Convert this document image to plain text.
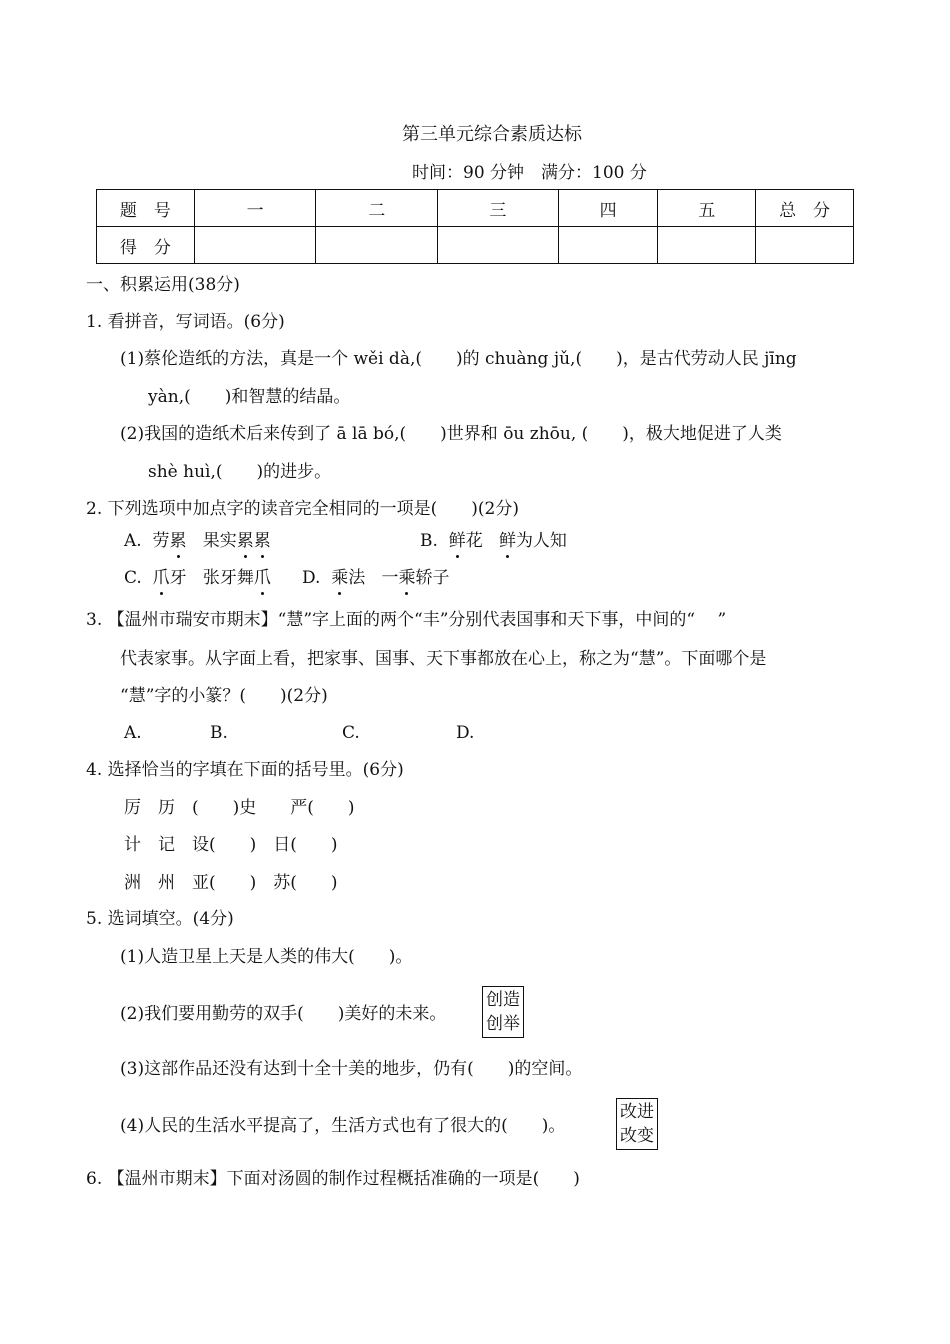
第三单元综合素质达标
时间：90 分钟　满分：100 分
题　号	一	二	三	四	五	总　分
得　分						
一、积累运用(38分)
1. 看拼音，写词语。(6分)
(1)蔡伦造纸的方法，真是一个 wěi dà,(　　)的 chuàng jǔ,(　　)，是古代劳动人民 jīng
yàn,(　　)和智慧的结晶。
(2)我国的造纸术后来传到了 ā lā bó,(　　)世界和 ōu zhōu, (　　)，极大地促进了人类
shè huì,(　　)的进步。
2. 下列选项中加点字的读音完全相同的一项是(　　)(2分)
A. 劳累 果实累累	B. 鲜花 鲜为人知
C. 爪牙 张牙舞爪 D. 乘法 一乘轿子
3. 【温州市瑞安市期末】“慧”字上面的两个“丰”分别代表国事和天下事，中间的“　 ”
代表家事。从字面上看，把家事、国事、天下事都放在心上，称之为“慧”。下面哪个是
“慧”字的小篆？(　　)(2分)
A.	B.	C.	D.
4. 选择恰当的字填在下面的括号里。(6分)
厉　历　(　　)史　　严(　　)
计　记　设(　　)　日(　　)
洲　州　亚(　　)　苏(　　)
5. 选词填空。(4分)
(1)人造卫星上天是人类的伟大(　　)。
(2)我们要用勤劳的双手(　　)美好的未来。
创造
创举
(3)这部作品还没有达到十全十美的地步，仍有(　　)的空间。
(4)人民的生活水平提高了，生活方式也有了很大的(　　)。
改进
改变
6. 【温州市期末】下面对汤圆的制作过程概括准确的一项是(　　)
